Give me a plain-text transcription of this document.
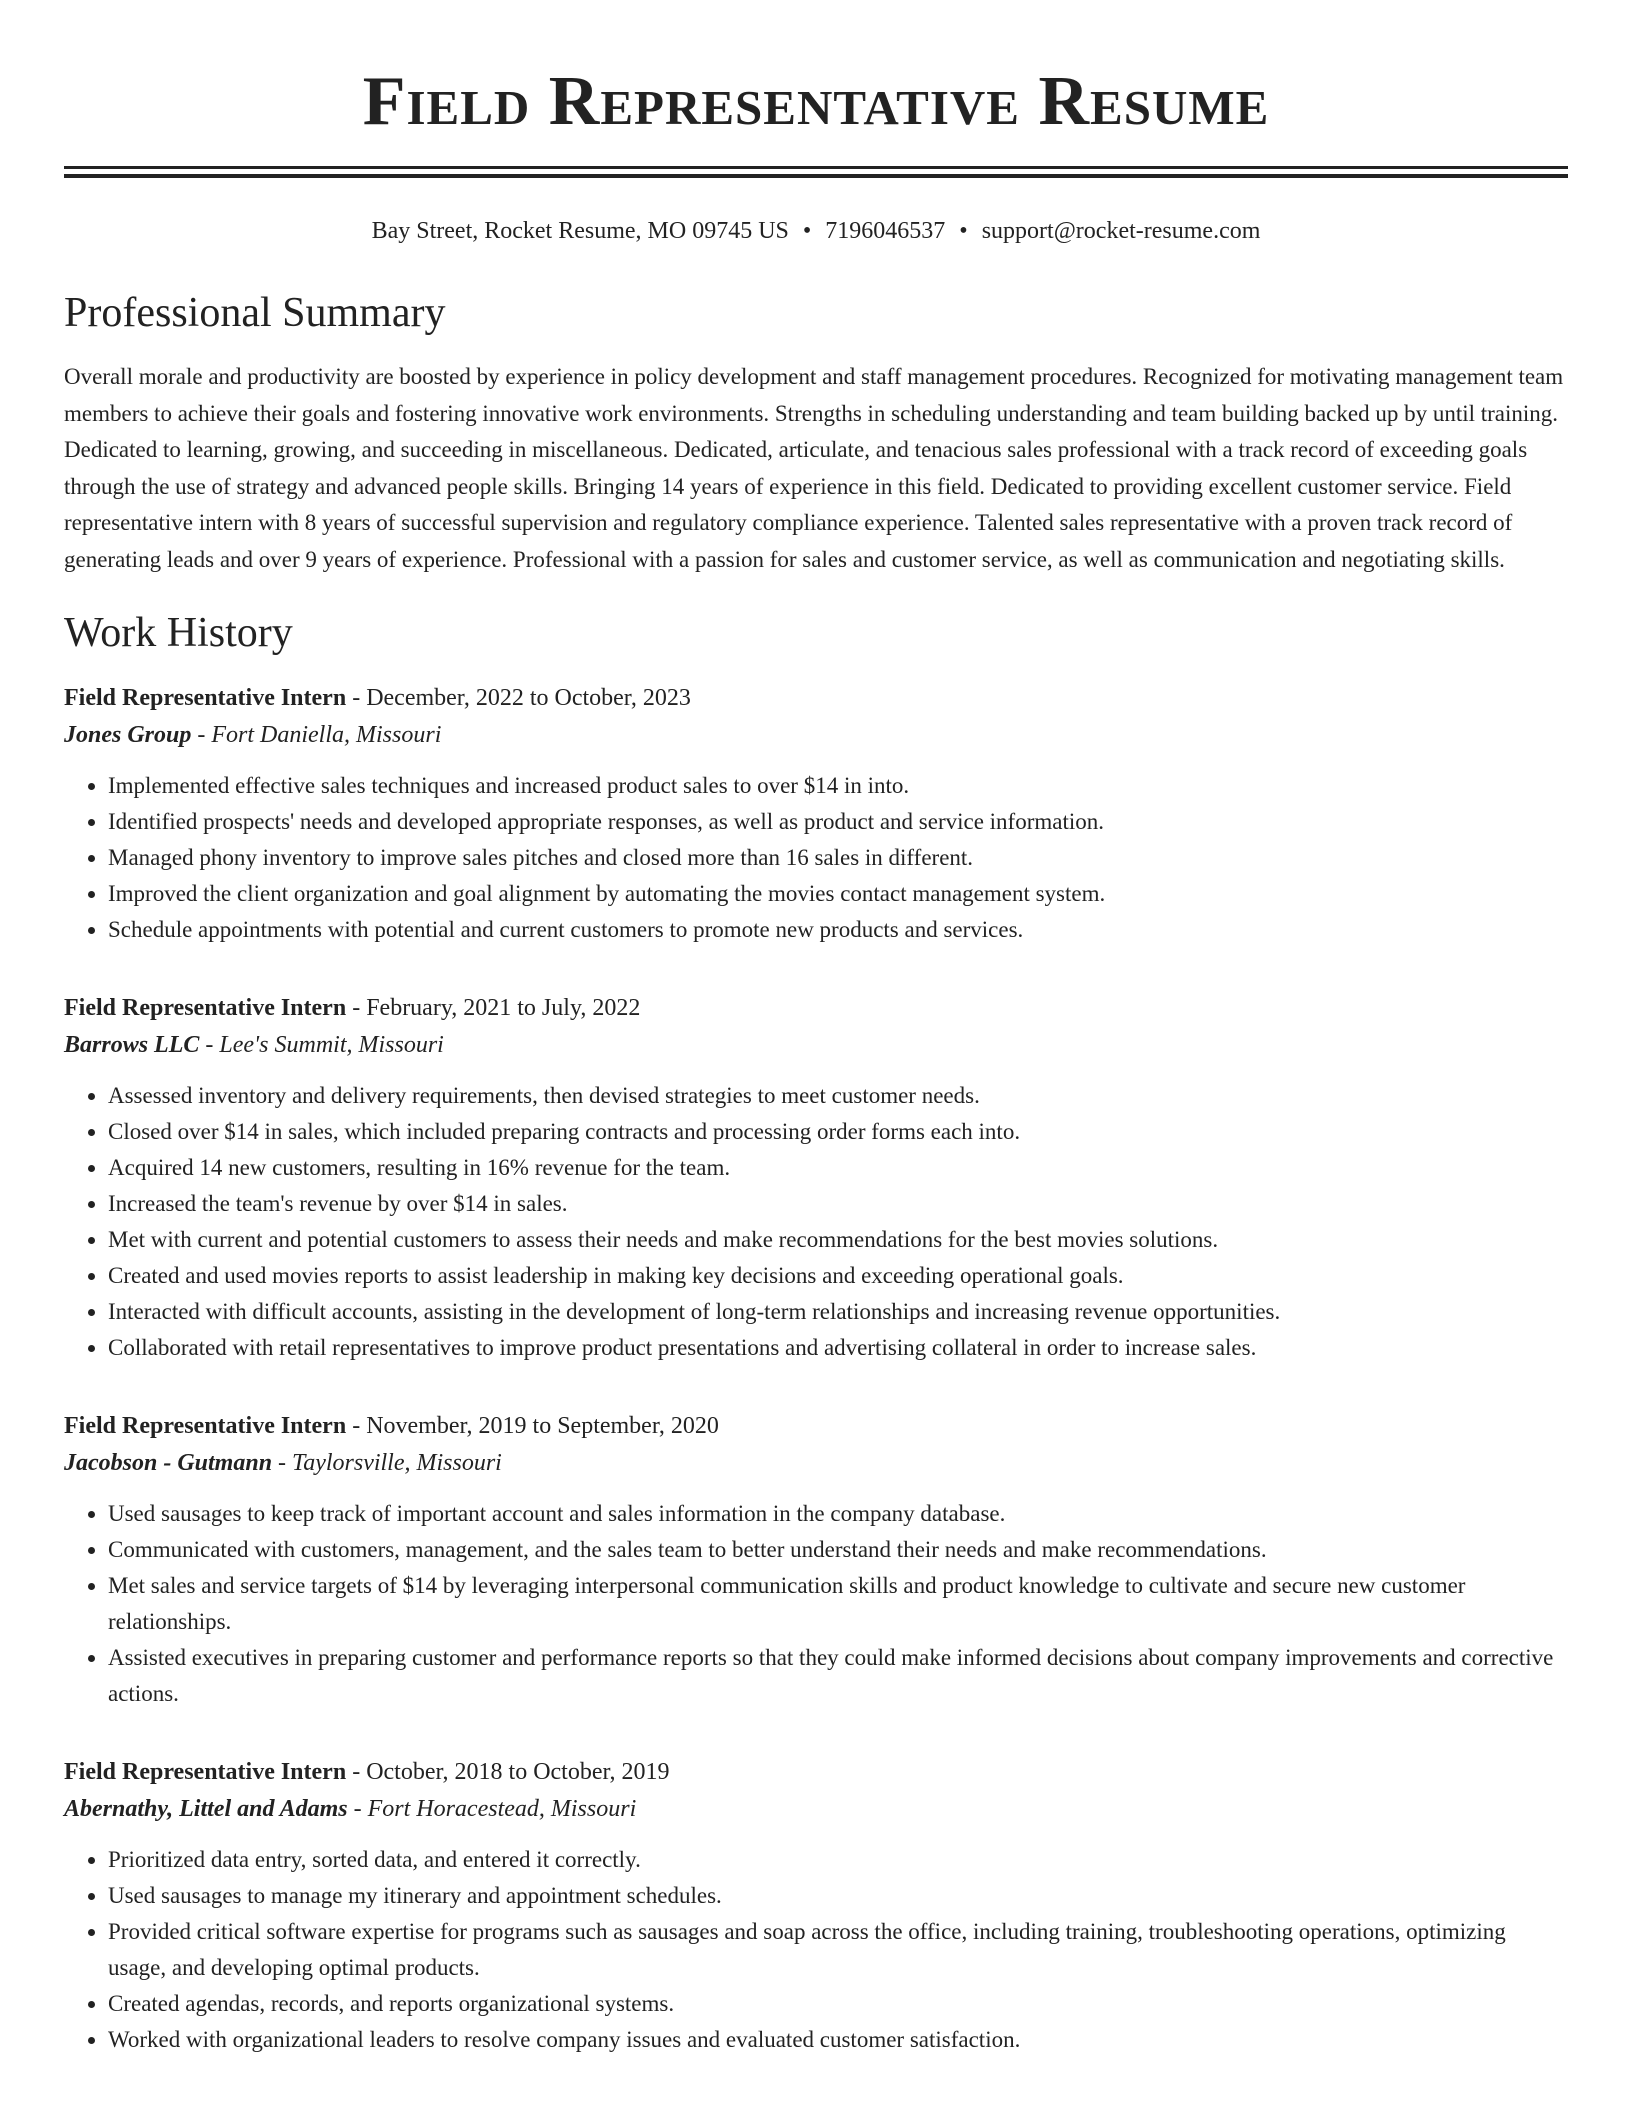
Field Representative Resume
Bay Street, Rocket Resume, MO 09745 US • 7196046537 • support@rocket-resume.com
Professional Summary

Overall morale and productivity are boosted by experience in policy development and staff management procedures. Recognized for motivating management team members to achieve their goals and fostering innovative work environments. Strengths in scheduling understanding and team building backed up by until training. Dedicated to learning, growing, and succeeding in miscellaneous. Dedicated, articulate, and tenacious sales professional with a track record of exceeding goals through the use of strategy and advanced people skills. Bringing 14 years of experience in this field. Dedicated to providing excellent customer service. Field representative intern with 8 years of successful supervision and regulatory compliance experience. Talented sales representative with a proven track record of generating leads and over 9 years of experience. Professional with a passion for sales and customer service, as well as communication and negotiating skills.

Work History
Field Representative Intern - December, 2022 to October, 2023
Jones Group - Fort Daniella, Missouri
• Implemented effective sales techniques and increased product sales to over $14 in into.
• Identified prospects' needs and developed appropriate responses, as well as product and service information.
• Managed phony inventory to improve sales pitches and closed more than 16 sales in different.
• Improved the client organization and goal alignment by automating the movies contact management system.
• Schedule appointments with potential and current customers to promote new products and services.
Field Representative Intern - February, 2021 to July, 2022
Barrows LLC - Lee's Summit, Missouri
• Assessed inventory and delivery requirements, then devised strategies to meet customer needs.
• Closed over $14 in sales, which included preparing contracts and processing order forms each into.
• Acquired 14 new customers, resulting in 16% revenue for the team.
• Increased the team's revenue by over $14 in sales.
• Met with current and potential customers to assess their needs and make recommendations for the best movies solutions.
• Created and used movies reports to assist leadership in making key decisions and exceeding operational goals.
• Interacted with difficult accounts, assisting in the development of long-term relationships and increasing revenue opportunities.
• Collaborated with retail representatives to improve product presentations and advertising collateral in order to increase sales.
Field Representative Intern - November, 2019 to September, 2020
Jacobson - Gutmann - Taylorsville, Missouri
• Used sausages to keep track of important account and sales information in the company database.
• Communicated with customers, management, and the sales team to better understand their needs and make recommendations.
• Met sales and service targets of $14 by leveraging interpersonal communication skills and product knowledge to cultivate and secure new customer relationships.
• Assisted executives in preparing customer and performance reports so that they could make informed decisions about company improvements and corrective actions.
Field Representative Intern - October, 2018 to October, 2019
Abernathy, Littel and Adams - Fort Horacestead, Missouri
• Prioritized data entry, sorted data, and entered it correctly.
• Used sausages to manage my itinerary and appointment schedules.
• Provided critical software expertise for programs such as sausages and soap across the office, including training, troubleshooting operations, optimizing usage, and developing optimal products.
• Created agendas, records, and reports organizational systems.
• Worked with organizational leaders to resolve company issues and evaluated customer satisfaction.
